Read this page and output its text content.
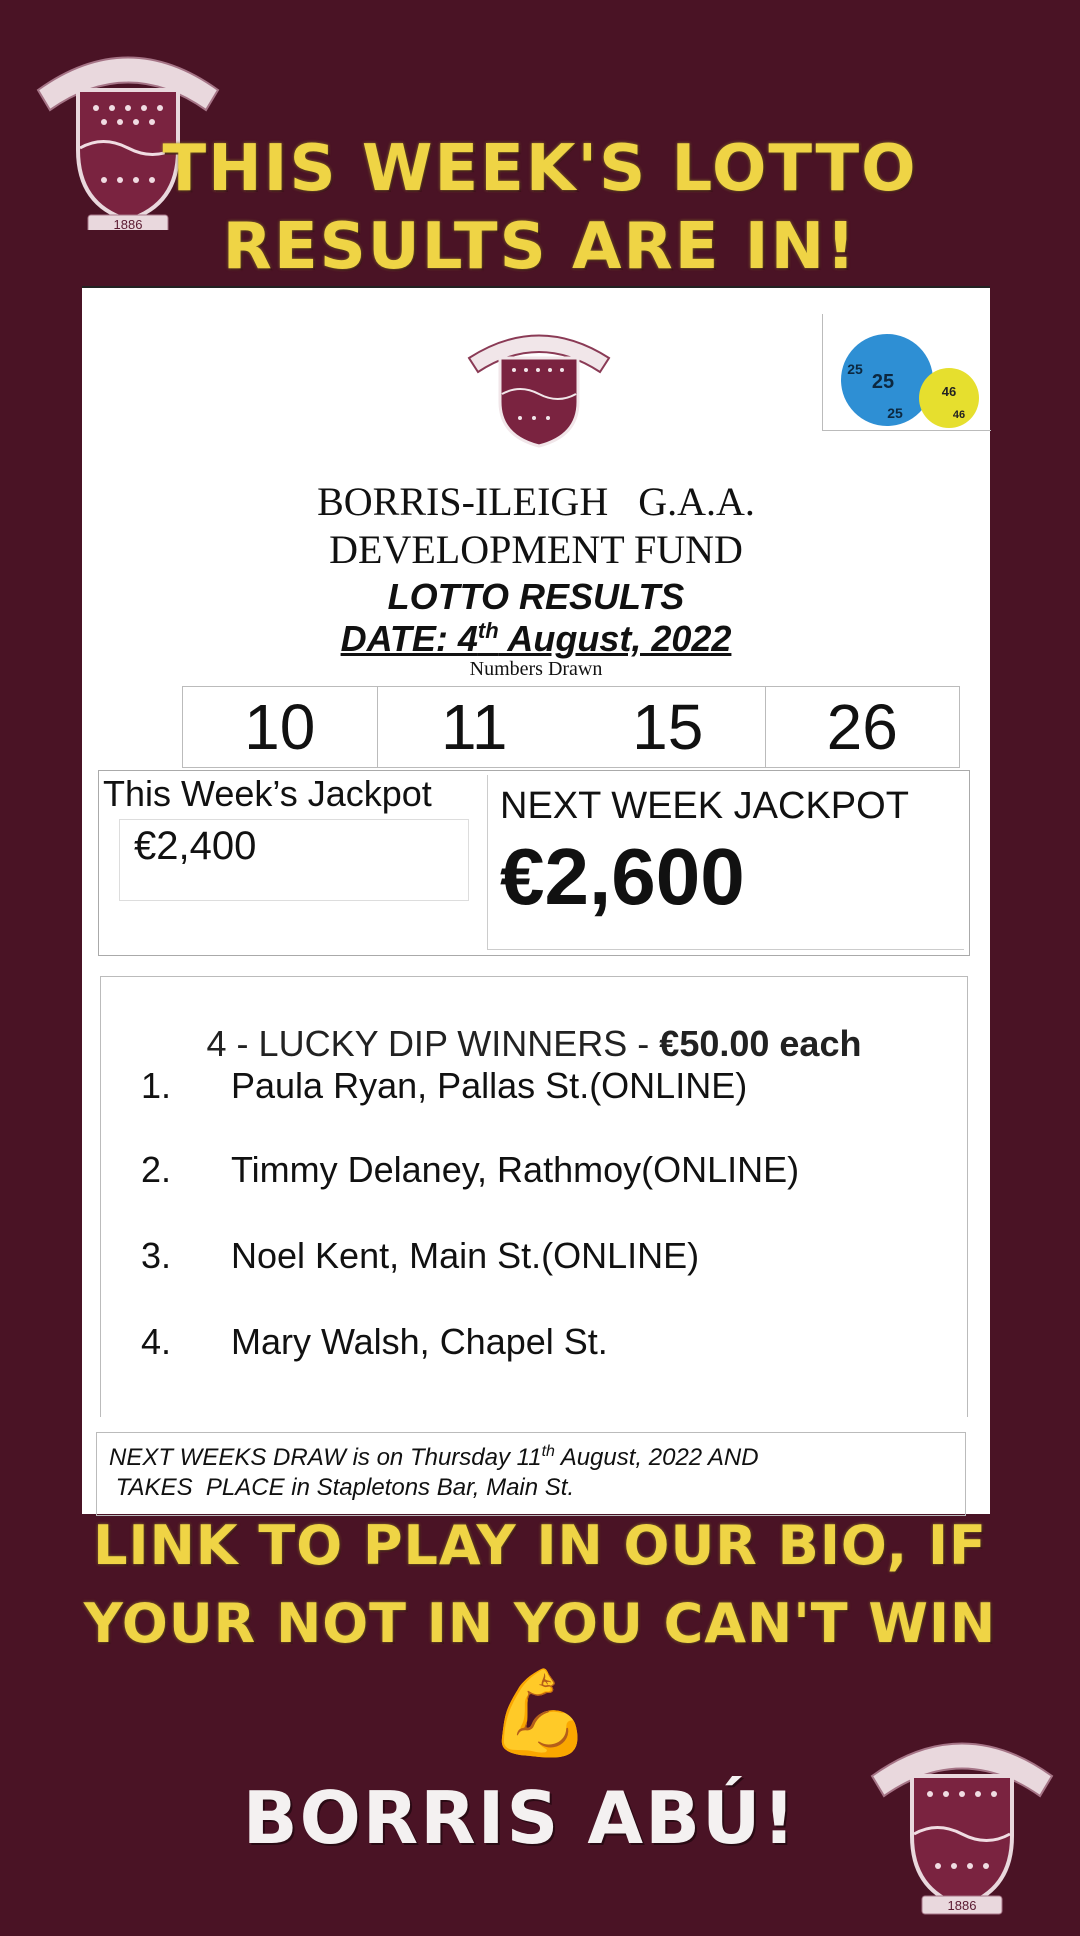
1886
THIS WEEK'S LOTTO
RESULTS ARE IN!
25
25
25
46
46
BORRIS-ILEIGH   G.A.A.
DEVELOPMENT FUND
LOTTO RESULTS
DATE: 4th August, 2022
Numbers Drawn
10	11	15	26
This Week’s Jackpot
€2,400
NEXT WEEK JACKPOT
€2,600
4 - LUCKY DIP WINNERS - €50.00 each
1. Paula Ryan, Pallas St.(ONLINE)
2. Timmy Delaney, Rathmoy(ONLINE)
3. Noel Kent, Main St.(ONLINE)
4. Mary Walsh, Chapel St.
NEXT WEEKS DRAW is on Thursday 11th August, 2022 AND
TAKES  PLACE in Stapletons Bar, Main St.
LINK TO PLAY IN OUR BIO, IF
YOUR NOT IN YOU CAN'T WIN
💪
BORRIS ABÚ!
1886
